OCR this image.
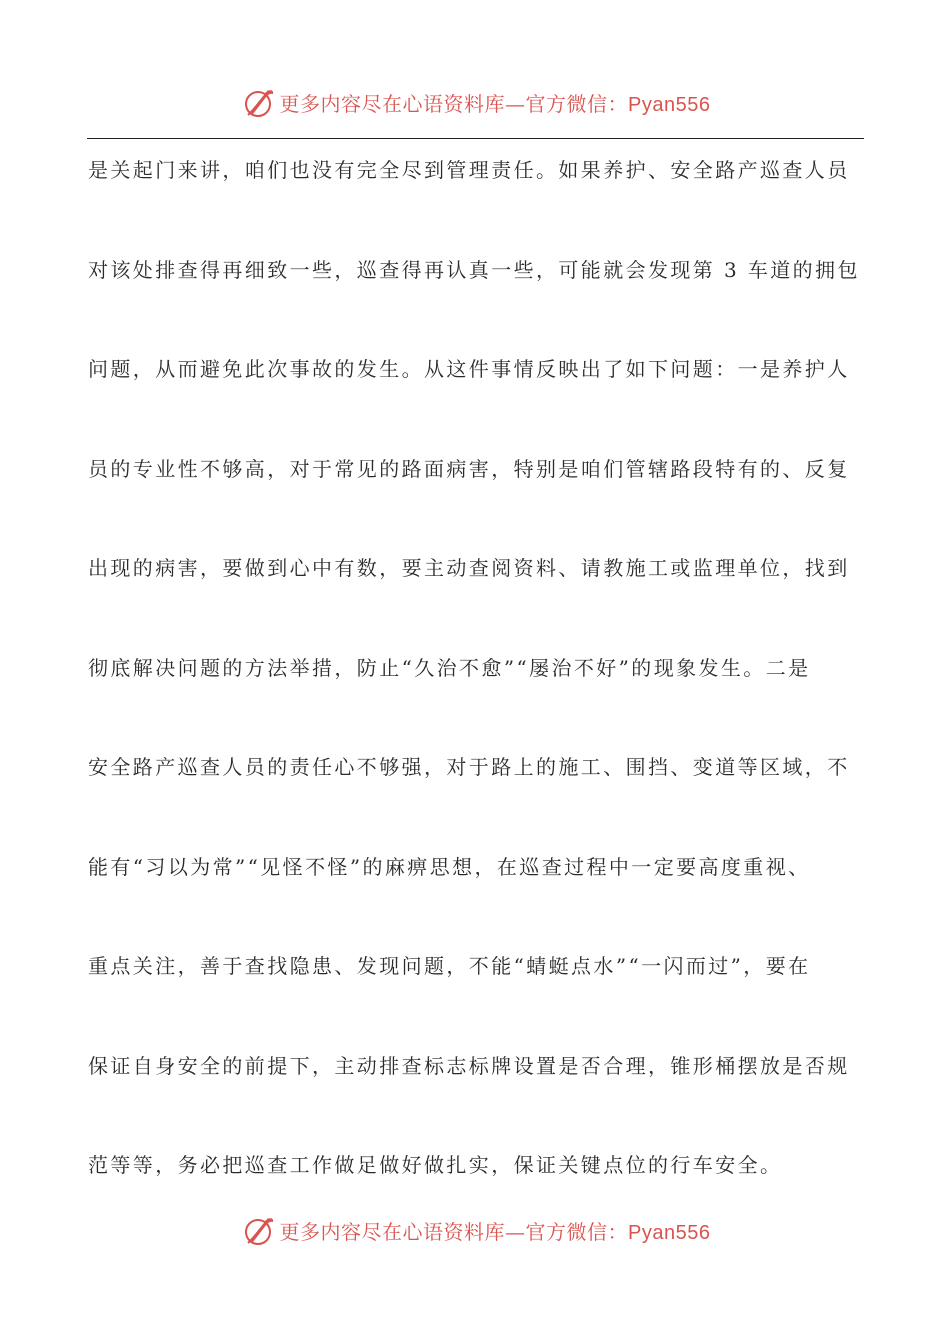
更多内容尽在心语资料库—官方微信：Pyan556
是关起门来讲，咱们也没有完全尽到管理责任。如果养护、安全路产巡查人员
对该处排查得再细致一些，巡查得再认真一些，可能就会发现第 3 车道的拥包
问题，从而避免此次事故的发生。从这件事情反映出了如下问题：一是养护人
员的专业性不够高，对于常见的路面病害，特别是咱们管辖路段特有的、反复
出现的病害，要做到心中有数，要主动查阅资料、请教施工或监理单位，找到
彻底解决问题的方法举措，防止“久治不愈”“屡治不好”的现象发生。二是
安全路产巡查人员的责任心不够强，对于路上的施工、围挡、变道等区域，不
能有“习以为常”“见怪不怪”的麻痹思想，在巡查过程中一定要高度重视、
重点关注，善于查找隐患、发现问题，不能“蜻蜓点水”“一闪而过”，要在
保证自身安全的前提下，主动排查标志标牌设置是否合理，锥形桶摆放是否规
范等等，务必把巡查工作做足做好做扎实，保证关键点位的行车安全。
更多内容尽在心语资料库—官方微信：Pyan556
